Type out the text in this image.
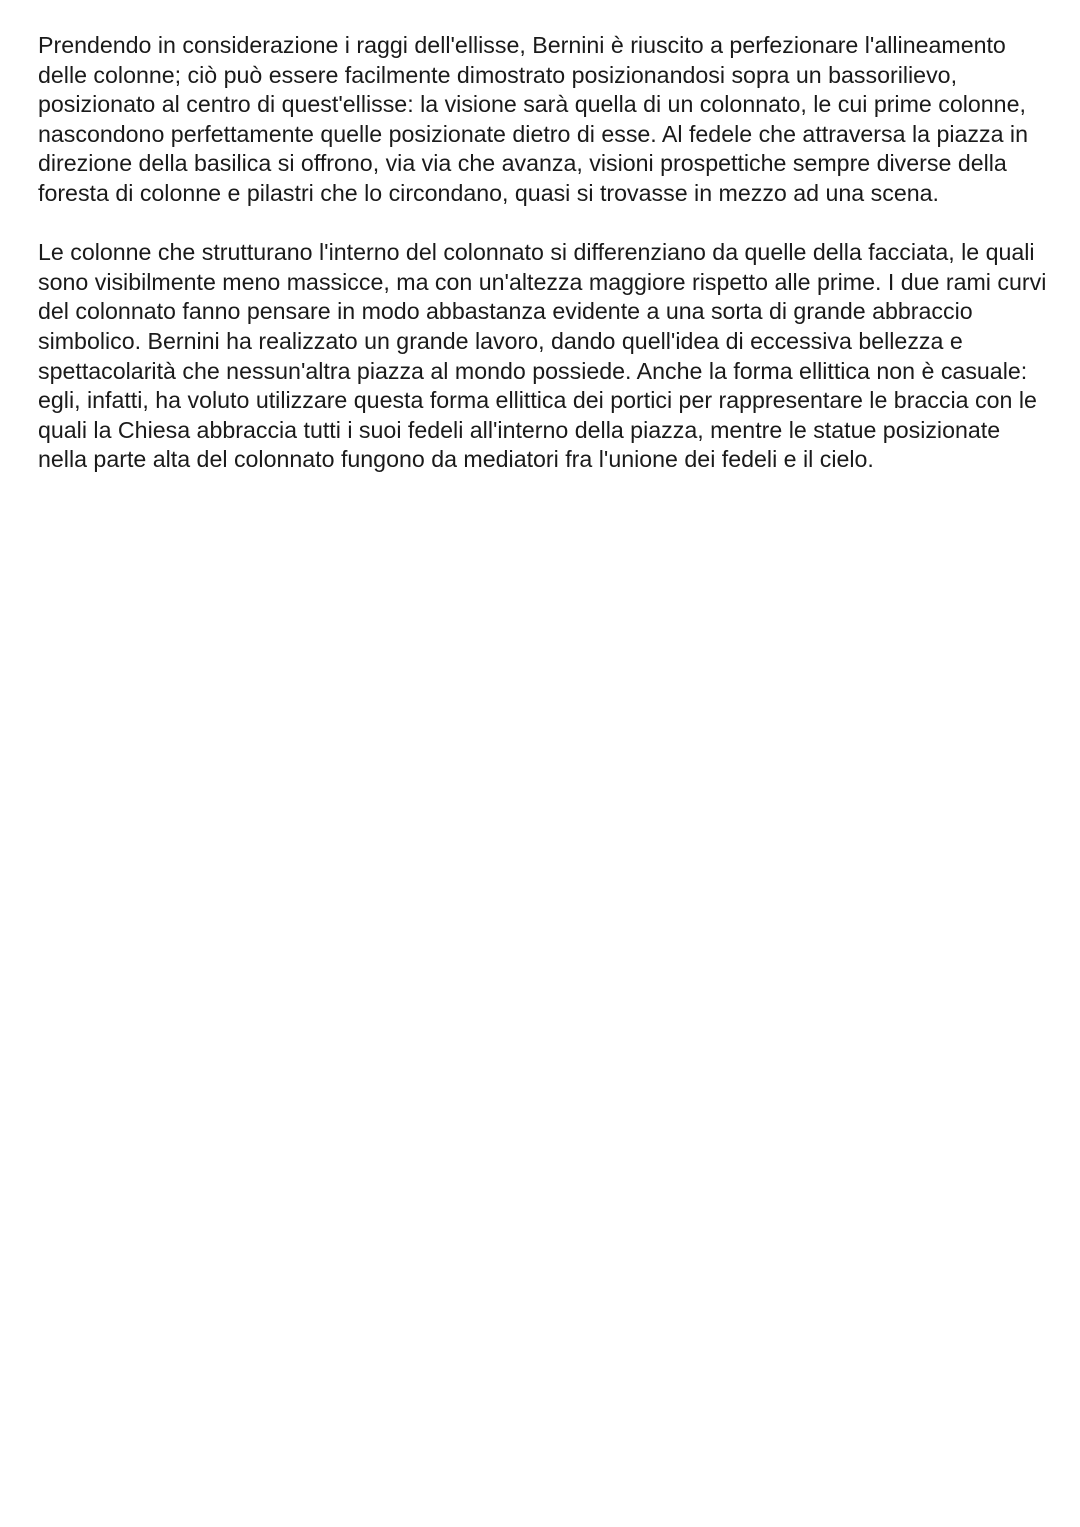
Prendendo in considerazione i raggi dell'ellisse, Bernini è riuscito a perfezionare l'allineamento delle colonne; ciò può essere facilmente dimostrato posizionandosi sopra un bassorilievo, posizionato al centro di quest'ellisse: la visione sarà quella di un colonnato, le cui prime colonne, nascondono perfettamente quelle posizionate dietro di esse. Al fedele che attraversa la piazza in direzione della basilica si offrono, via via che avanza, visioni prospettiche sempre diverse della foresta di colonne e pilastri che lo circondano, quasi si trovasse in mezzo ad una scena.

Le colonne che strutturano l'interno del colonnato si differenziano da quelle della facciata, le quali sono visibilmente meno massicce, ma con un'altezza maggiore rispetto alle prime. I due rami curvi del colonnato fanno pensare in modo abbastanza evidente a una sorta di grande abbraccio simbolico. Bernini ha realizzato un grande lavoro, dando quell'idea di eccessiva bellezza e spettacolarità che nessun'altra piazza al mondo possiede. Anche la forma ellittica non è casuale: egli, infatti, ha voluto utilizzare questa forma ellittica dei portici per rappresentare le braccia con le quali la Chiesa abbraccia tutti i suoi fedeli all'interno della piazza, mentre le statue posizionate nella parte alta del colonnato fungono da mediatori fra l'unione dei fedeli e il cielo.
